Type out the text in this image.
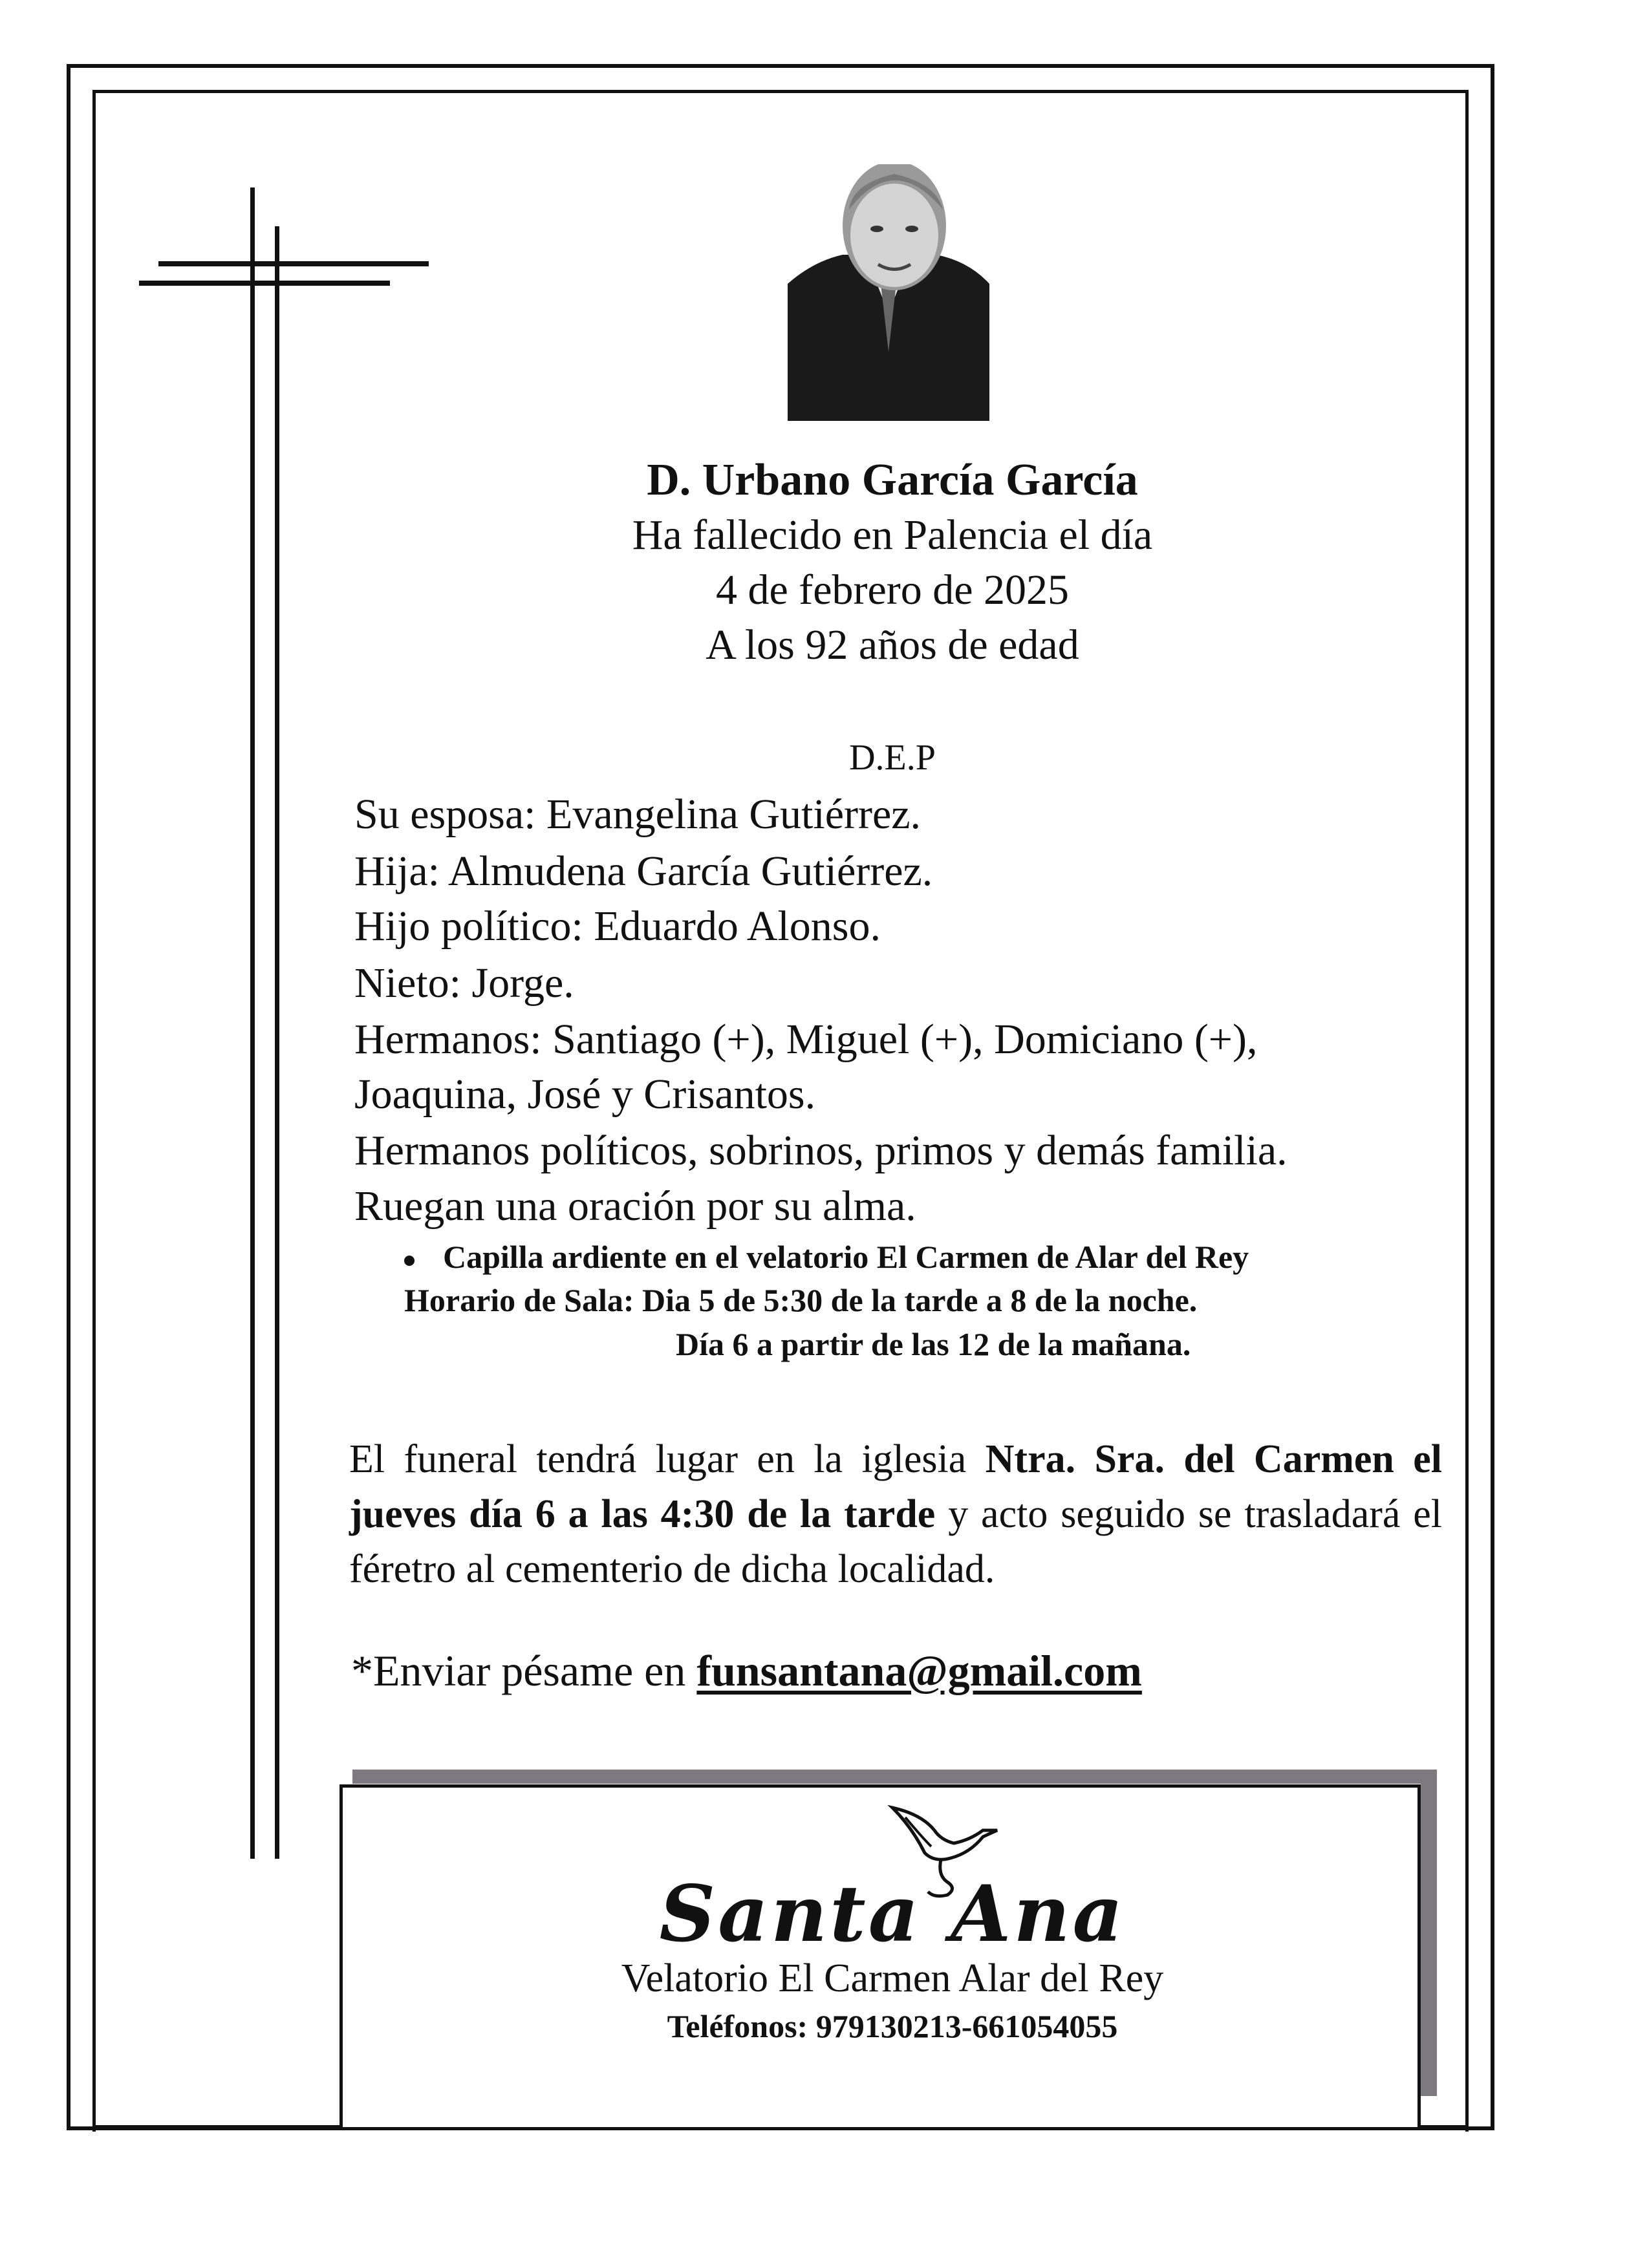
D. Urbano García García
Ha fallecido en Palencia el día
4 de febrero de 2025
A los 92 años de edad
D.E.P
Su esposa: Evangelina Gutiérrez.
Hija: Almudena García Gutiérrez.
Hijo político: Eduardo Alonso.
Nieto: Jorge.
Hermanos: Santiago (+), Miguel (+), Domiciano (+),
Joaquina, José y Crisantos.
Hermanos políticos, sobrinos, primos y demás familia.
Ruegan una oración por su alma.
Capilla ardiente en el velatorio El Carmen de Alar del Rey
Horario de Sala: Dia 5 de 5:30 de la tarde a 8 de la noche.
Día 6 a partir de las 12 de la mañana.
El funeral tendrá lugar en la iglesia Ntra. Sra. del Carmen el jueves día 6 a las 4:30 de la tarde y acto seguido se trasladará el féretro al cementerio de dicha localidad.
*Enviar pésame en funsantana@gmail.com
Santa Ana
Velatorio El Carmen Alar del Rey
Teléfonos: 979130213-661054055
